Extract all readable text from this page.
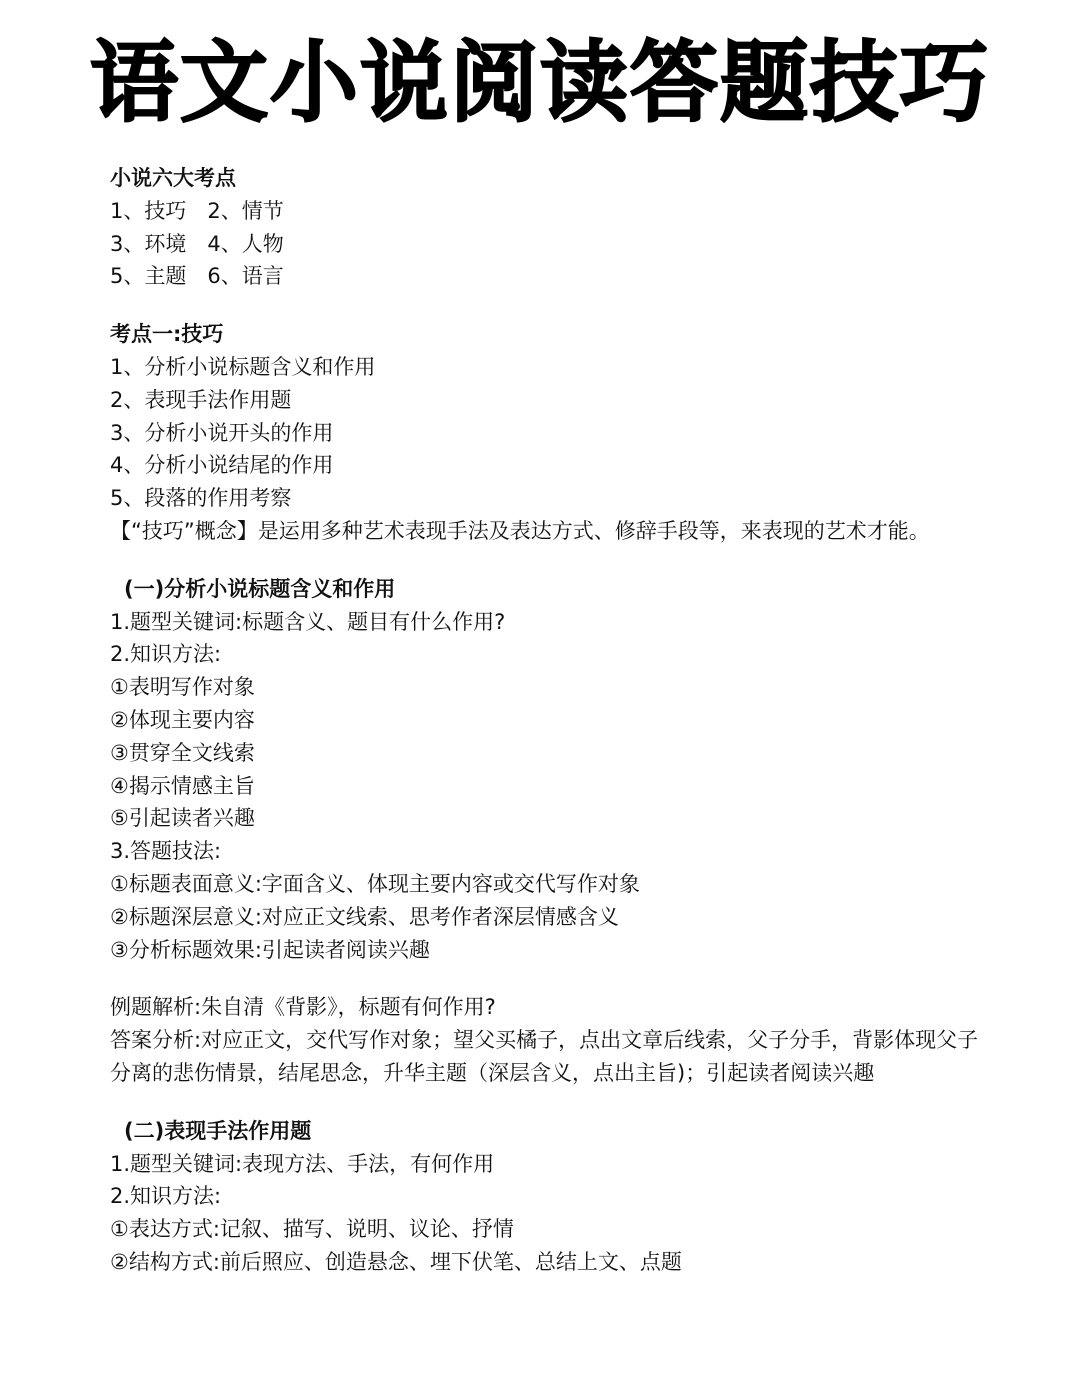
语文小说阅读答题技巧
小说六大考点
1、技巧　2、情节
3、环境　4、人物
5、主题　6、语言
考点一:技巧
1、分析小说标题含义和作用
2、表现手法作用题
3、分析小说开头的作用
4、分析小说结尾的作用
5、段落的作用考察
【“技巧”概念】是运用多种艺术表现手法及表达方式、修辞手段等，来表现的艺术才能。
(一)分析小说标题含义和作用
1.题型关键词:标题含义、题目有什么作用?
2.知识方法:
①表明写作对象
②体现主要内容
③贯穿全文线索
④揭示情感主旨
⑤引起读者兴趣
3.答题技法:
①标题表面意义:字面含义、体现主要内容或交代写作对象
②标题深层意义:对应正文线索、思考作者深层情感含义
③分析标题效果:引起读者阅读兴趣
例题解析:朱自清《背影》，标题有何作用?
答案分析:对应正文，交代写作对象；望父买橘子，点出文章后线索，父子分手，背影体现父子分离的悲伤情景，结尾思念，升华主题（深层含义，点出主旨)；引起读者阅读兴趣
(二)表现手法作用题
1.题型关键词:表现方法、手法，有何作用
2.知识方法:
①表达方式:记叙、描写、说明、议论、抒情
②结构方式:前后照应、创造悬念、埋下伏笔、总结上文、点题
